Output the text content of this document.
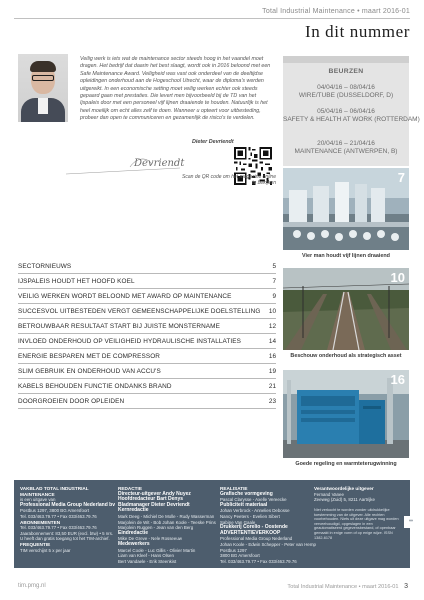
Total Industrial Maintenance • maart 2016-01
In dit nummer

Veilig werk is iets wat de maintenance sector steeds hoog in het vaandel moet dragen. Het bedrijf dat daarin het best slaagt, wordt ook in 2016 beloond met een Safe Maintenance Award. Veiligheid was vast ook onderdeel van de deeltijdse opleidingen onderhoud aan de Hogeschool Utrecht, waar de diploma's werden uitgereikt. In een economische setting moet veilig werken echter ook steeds gepaard gaan met prestaties. Die levert men bijvoorbeeld bij de TD van het Ijspaleis door met een personeel vijf lijnen draaiende te houden. Natuurlijk is het heel moeilijk om echt alles zelf te doen. Wanneer u opteert voor uitbesteding, probeer dan open te communiceren en gezamenlijk de risico's te verdelen.

Dieter Devriendt
Devriendt
Scan de QR code om het magazine online te bekijken
BEURZEN
04/04/16 – 08/04/16
WIRE/TUBE (DUSSELDORF, D)
05/04/16 – 06/04/16
SAFETY & HEALTH AT WORK (ROTTERDAM)
20/04/16 – 21/04/16
MAINTENANCE (ANTWERPEN, B)
7
Vier man houdt vijf lijnen draaiend
10
Beschouw onderhoud als strategisch asset
16
Goede regeling en warmteterugwinning
SECTORNIEUWS	5
IJSPALEIS HOUDT HET HOOFD KOEL	7
VEILIG WERKEN WORDT BELOOND MET AWARD OP MAINTENANCE	9
SUCCESVOL UITBESTEDEN VERGT GEMEENSCHAPPELIJKE DOELSTELLING 10
BETROUWBAAR RESULTAAT START BIJ JUISTE MONSTERNAME	12
INVLOED ONDERHOUD OP VEILIGHEID HYDRAULISCHE INSTALLATIES	14
ENERGIE BESPAREN MET DE COMPRESSOR	16
SLIM GEBRUIK EN ONDERHOUD VAN ACCU'S	19
KABELS BEHOUDEN FUNCTIE ONDANKS BRAND	21
DOORGROEIEN DOOR OPLEIDEN	23
VAKBLAD TOTAL INDUSTRIAL MAINTENANCE
is een uitgave van
Professional Media Group Nederland bv
Postbus 1297, 3800 BG Amersfoort
Tel. 033/463.79.77 • Fax 033/463.79.76
ABONNEMENTEN
Tel. 033/463.79.77 • Fax 033/463.79.76
Jaarabonnement: 83,50 EUR (excl. btw) • 5 nrs.
U heeft dan gratis toegang tot het TIM-archief.
FREQUENTIE
TIM verschijnt 5 x per jaar
REDACTIE
Directeur-uitgever Andy Nuyez
Hoofdredacteur Bart Denys
Bladmanager Dieter Devriendt
Kernredactie
Mark Deeg - Michiel De Molle - Rudy Wasserman
Marjolein de Wit - Bob Johan Koole - Teeske Prins
Marjolein Ruggen - Jean van den Berg
Eindredactie
Mike De Greve - Nele Rosseeuw
Medewerkers
Marcel Coole - Luc Gillis - Olivier Martin
Liam van Kleef - Hans Olsen
Bert Vandaele - Erik Steenkist
REALISATIE
Grafische vormgeving
Pascal Clarysse - Axelle Vereecke
Publiciteit materiaal
Johan Verbrock - Annelies Debosse
Nancy Peeters - Evelien Sibert
Sabine Van Gaale
Drukkerij Corelio - Oostende
ADVERTENTIEVERKOOP
Professional Media Group Nederland
Johan Koole - Edwin Schepper - Peter van Hemp
Postbus 1297
3800 BG Amersfoort
Tel. 033/463.79.77 • Fax 033/463.79.76
Verantwoordelijke uitgever
Fernand Vanee
Zeeweg (Zuid) 5, 8211 Aartrijke
Niet verkocht te worden zonder uitdrukkelijke toestemming van de uitgever. Alle rechten voorbehouden. Niets uit deze uitgave mag worden verveelvoudigd, opgeslagen in een geautomatiseerd gegevensbestand, of openbaar gemaakt in enige vorm of op enige wijze. ISSN 1382-6178
ºº
tim.pmg.nl	Total Industrial Maintenance • maart 2016-01 3
